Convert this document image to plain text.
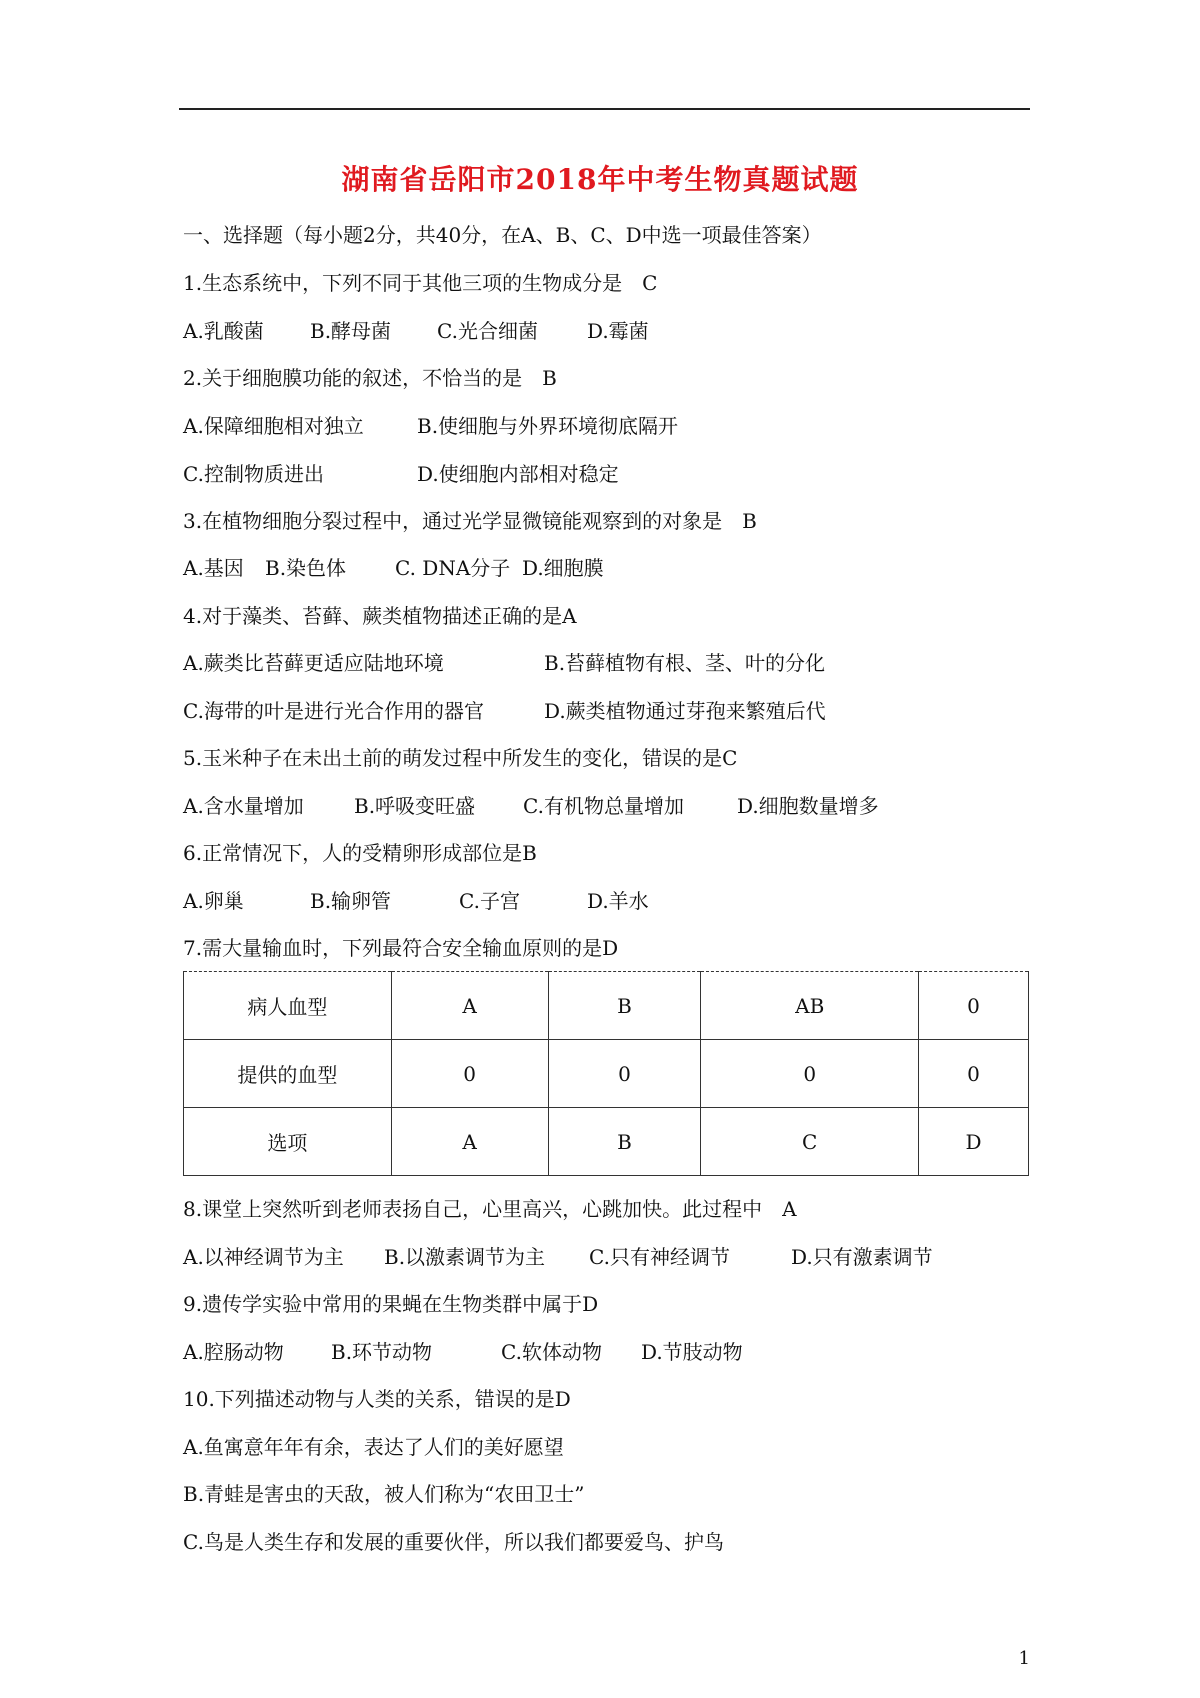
湖南省岳阳市2018年中考生物真题试题
一、选择题（每小题2分，共40分，在A、B、C、D中选一项最佳答案）
1.生态系统中，下列不同于其他三项的生物成分是　C
A.乳酸菌 B.酵母菌 C.光合细菌 D.霉菌
2.关于细胞膜功能的叙述，不恰当的是　B
A.保障细胞相对独立	B.使细胞与外界环境彻底隔开
C.控制物质进出	D.使细胞内部相对稳定
3.在植物细胞分裂过程中，通过光学显微镜能观察到的对象是　B
A.基因 B.染色体 C. DNA分子 D.细胞膜
4.对于藻类、苔藓、蕨类植物描述正确的是A
A.蕨类比苔藓更适应陆地环境	B.苔藓植物有根、茎、叶的分化
C.海带的叶是进行光合作用的器官	D.蕨类植物通过芽孢来繁殖后代
5.玉米种子在未出土前的萌发过程中所发生的变化，错误的是C
A.含水量增加	B.呼吸变旺盛 C.有机物总量增加	D.细胞数量增多
6.正常情况下，人的受精卵形成部位是B
A.卵巢	B.输卵管	C.子宫	D.羊水
7.需大量输血时，下列最符合安全输血原则的是D
病人血型	A	B	AB	0
提供的血型	0	0	0	0
选项	A	B	C	D
8.课堂上突然听到老师表扬自己，心里高兴，心跳加快。此过程中　A
A.以神经调节为主 B.以激素调节为主 C.只有神经调节	D.只有激素调节
9.遗传学实验中常用的果蝇在生物类群中属于D
A.腔肠动物 B.环节动物	C.软体动物 D.节肢动物
10.下列描述动物与人类的关系，错误的是D
A.鱼寓意年年有余，表达了人们的美好愿望
B.青蛙是害虫的天敌，被人们称为“农田卫士”
C.鸟是人类生存和发展的重要伙伴，所以我们都要爱鸟、护鸟
1
